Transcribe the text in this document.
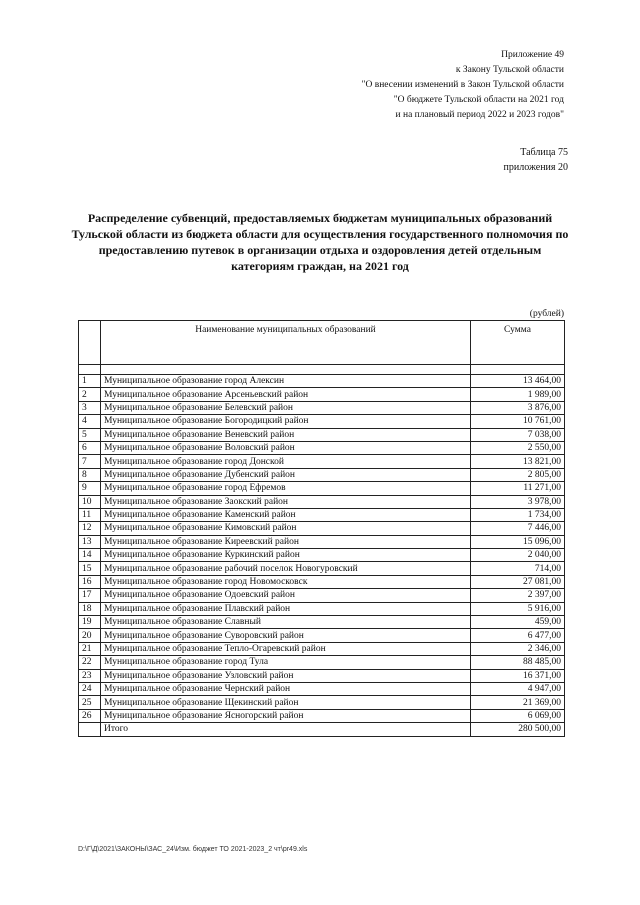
Приложение 49
к Закону Тульской области
"О внесении изменений в Закон Тульской области
"О бюджете Тульской области на 2021 год
и на плановый период 2022 и 2023 годов"
Таблица 75
приложения 20
Распределение субвенций, предоставляемых бюджетам муниципальных образований Тульской области из бюджета области для осуществления государственного полномочия по предоставлению путевок в организации отдыха и оздоровления детей отдельным категориям граждан, на 2021 год
(рублей)
	Наименование муниципальных образований	Сумма

1	Муниципальное образование город Алексин	13 464,00
2	Муниципальное образование Арсеньевский район	1 989,00
3	Муниципальное образование Белевский район	3 876,00
4	Муниципальное образование Богородицкий район	10 761,00
5	Муниципальное образование Веневский район	7 038,00
6	Муниципальное образование Воловский район	2 550,00
7	Муниципальное образование город Донской	13 821,00
8	Муниципальное образование Дубенский район	2 805,00
9	Муниципальное образование город Ефремов	11 271,00
10	Муниципальное образование Заокский район	3 978,00
11	Муниципальное образование Каменский район	1 734,00
12	Муниципальное образование Кимовский район	7 446,00
13	Муниципальное образование Киреевский район	15 096,00
14	Муниципальное образование Куркинский район	2 040,00
15	Муниципальное образование рабочий поселок Новогуровский	714,00
16	Муниципальное образование город Новомосковск	27 081,00
17	Муниципальное образование Одоевский район	2 397,00
18	Муниципальное образование Плавский район	5 916,00
19	Муниципальное образование Славный	459,00
20	Муниципальное образование Суворовский район	6 477,00
21	Муниципальное образование Тепло-Огаревский район	2 346,00
22	Муниципальное образование город Тула	88 485,00
23	Муниципальное образование Узловский район	16 371,00
24	Муниципальное образование Чернский район	4 947,00
25	Муниципальное образование Щекинский район	21 369,00
26	Муниципальное образование Ясногорский район	6 069,00
	Итого	280 500,00
D:\Г\Д\2021\ЗАКОНЫ\ЗАС_24\Изм. бюджет ТО 2021-2023_2 чт\pr49.xls
